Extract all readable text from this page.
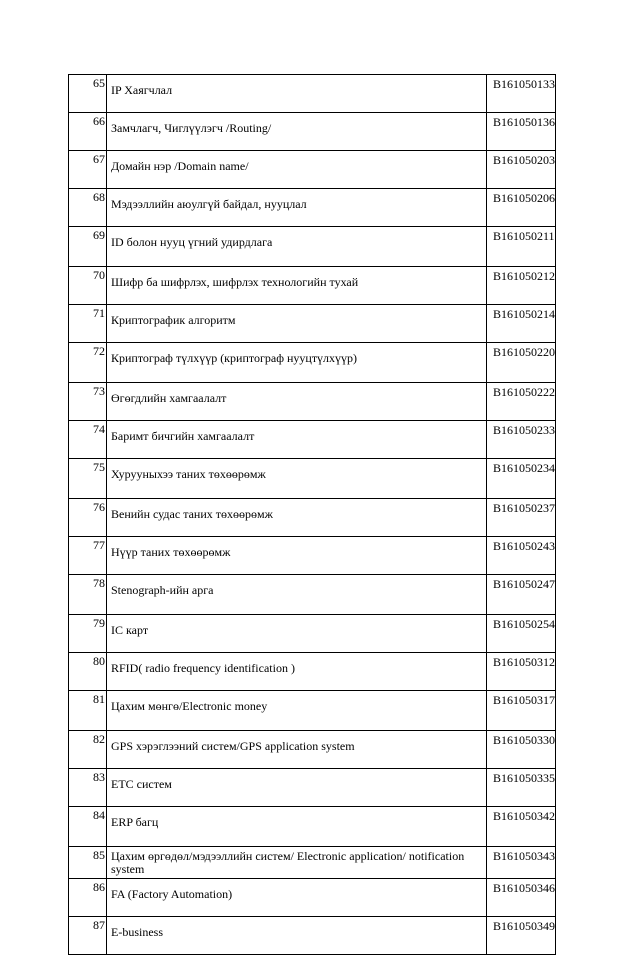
65	IP Хаягчлал	B161050133
66	Замчлагч, Чиглүүлэгч /Routing/	B161050136
67	Домайн нэр /Domain name/	B161050203
68	Мэдээллийн аюулгүй байдал, нууцлал	B161050206
69	ID болон нууц үгний удирдлага	B161050211
70	Шифр ба шифрлэх, шифрлэх технологийн тухай	B161050212
71	Криптографик алгоритм	B161050214
72	Криптограф түлхүүр (криптограф нууцтүлхүүр)	B161050220
73	Өгөгдлийн хамгаалалт	B161050222
74	Баримт бичгийн хамгаалалт	B161050233
75	Хурууныхээ таних төхөөрөмж	B161050234
76	Венийн судас таних төхөөрөмж	B161050237
77	Нүүр таних төхөөрөмж	B161050243
78	Stenograph-ийн арга	B161050247
79	IC карт	B161050254
80	RFID( radio frequency identification )	B161050312
81	Цахим мөнгө/Electronic money	B161050317
82	GPS хэрэглээний систем/GPS application system	B161050330
83	ETC систем	B161050335
84	ERP багц	B161050342
85	Цахим өргөдөл/мэдээллийн систем/ Electronic application/ notification system	B161050343
86	FA (Factory Automation)	B161050346
87	E-business	B161050349
